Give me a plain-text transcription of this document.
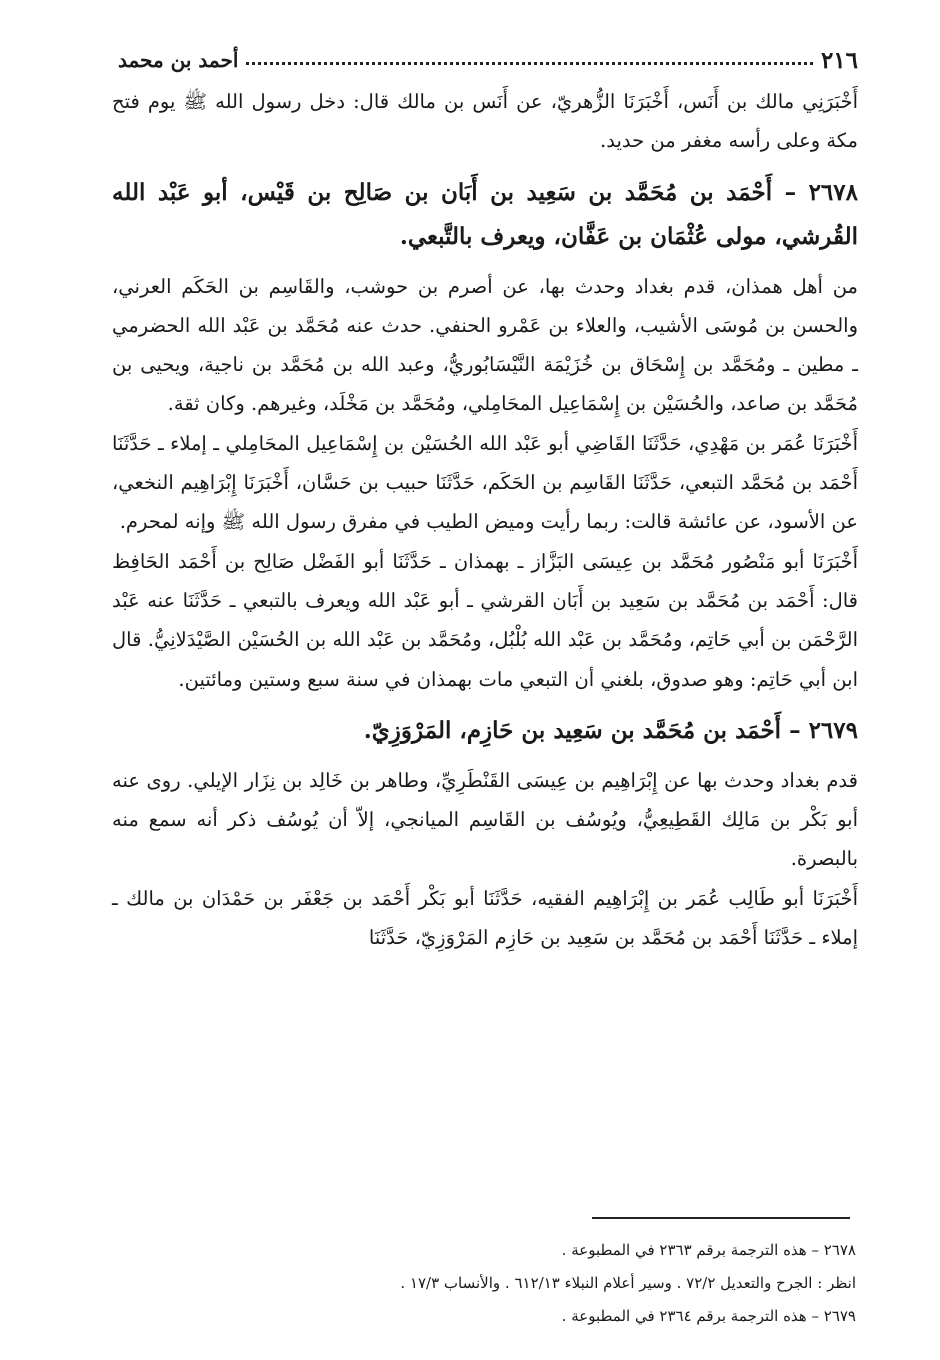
٢١٦
أحمد بن محمد

أَخْبَرَنِي مالك بن أَنَس، أَخْبَرَنَا الزُّهريّ، عن أَنَس بن مالك قال: دخل رسول الله ﷺ يوم فتح مكة وعلى رأسه مغفر من حديد.

٢٦٧٨ – أَحْمَد بن مُحَمَّد بن سَعِيد بن أَبَان بن صَالِح بن قَيْس، أبو عَبْد الله القُرشي، مولى عُثْمَان بن عَفَّان، ويعرف بالتَّبعي.

من أهل همذان، قدم بغداد وحدث بها، عن أصرم بن حوشب، والقَاسِم بن الحَكَم العرني، والحسن بن مُوسَى الأشيب، والعلاء بن عَمْرو الحنفي. حدث عنه مُحَمَّد بن عَبْد الله الحضرمي ـ مطين ـ ومُحَمَّد بن إِسْحَاق بن خُزَيْمَة النَّيْسَابُوريُّ، وعبد الله بن مُحَمَّد بن ناجية، ويحيى بن مُحَمَّد بن صاعد، والحُسَيْن بن إِسْمَاعِيل المحَامِلي، ومُحَمَّد بن مَخْلَد، وغيرهم. وكان ثقة.

أَخْبَرَنَا عُمَر بن مَهْدِي، حَدَّثَنَا القَاضِي أبو عَبْد الله الحُسَيْن بن إِسْمَاعِيل المحَامِلي ـ إملاء ـ حَدَّثَنَا أَحْمَد بن مُحَمَّد التبعي، حَدَّثَنَا القَاسِم بن الحَكَم، حَدَّثَنَا حبيب بن حَسَّان، أَخْبَرَنَا إِبْرَاهِيم النخعي، عن الأسود، عن عائشة قالت: ربما رأيت وميض الطيب في مفرق رسول الله ﷺ وإنه لمحرم.

أَخْبَرَنَا أبو مَنْصُور مُحَمَّد بن عِيسَى البَزَّاز ـ بهمذان ـ حَدَّثَنَا أبو الفَضْل صَالِح بن أَحْمَد الحَافِظ قال: أَحْمَد بن مُحَمَّد بن سَعِيد بن أَبَان القرشي ـ أبو عَبْد الله ويعرف بالتبعي ـ حَدَّثَنَا عنه عَبْد الرَّحْمَن بن أبي حَاتِم، ومُحَمَّد بن عَبْد الله بُلْبُل، ومُحَمَّد بن عَبْد الله بن الحُسَيْن الصَّيْدَلانِيُّ. قال ابن أبي حَاتِم: وهو صدوق، بلغني أن التبعي مات بهمذان في سنة سبع وستين ومائتين.

٢٦٧٩ – أَحْمَد بن مُحَمَّد بن سَعِيد بن حَازِم، المَرْوَزِيّ.

قدم بغداد وحدث بها عن إِبْرَاهِيم بن عِيسَى القَنْطَرِيِّ، وطاهر بن خَالِد بن نِزَار الإيلي. روى عنه أبو بَكْر بن مَالِك القَطِيعِيُّ، ويُوسُف بن القَاسِم الميانجي، إلاّ أن يُوسُف ذكر أنه سمع منه بالبصرة.

أَخْبَرَنَا أبو طَالِب عُمَر بن إِبْرَاهِيم الفقيه، حَدَّثَنَا أبو بَكْر أَحْمَد بن جَعْفَر بن حَمْدَان بن مالك ـ إملاء ـ حَدَّثَنَا أَحْمَد بن مُحَمَّد بن سَعِيد بن حَازِم المَرْوَزِيّ، حَدَّثَنَا

٢٦٧٨ – هذه الترجمة برقم ٢٣٦٣ في المطبوعة .

انظر : الجرح والتعديل ٧٢/٢ . وسير أعلام النبلاء ٦١٢/١٣ . والأنساب ١٧/٣ .

٢٦٧٩ – هذه الترجمة برقم ٢٣٦٤ في المطبوعة .
